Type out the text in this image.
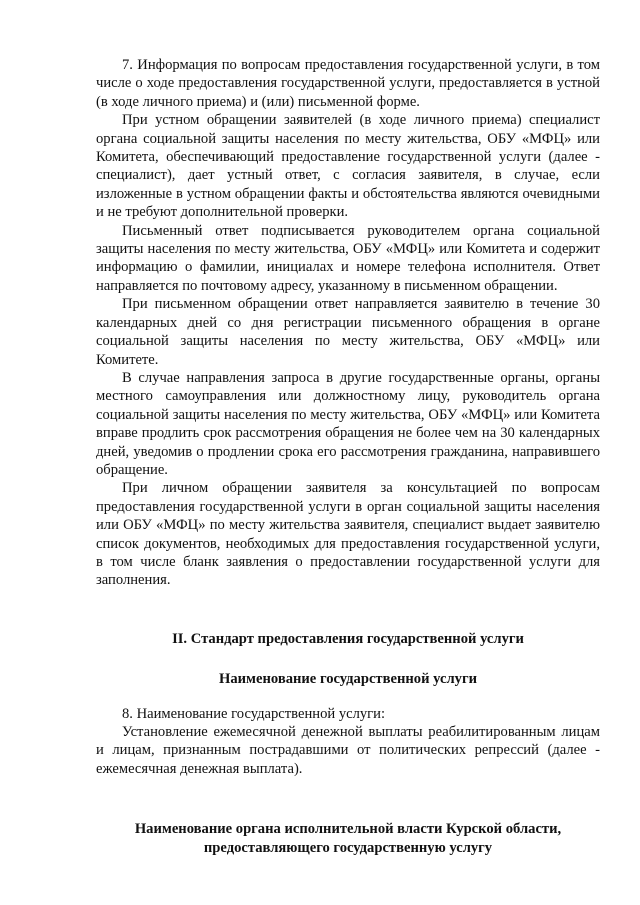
7. Информация по вопросам предоставления государственной услуги, в том числе о ходе предоставления государственной услуги, предоставляется в устной (в ходе личного приема) и (или) письменной форме.

При устном обращении заявителей (в ходе личного приема) специалист органа социальной защиты населения по месту жительства, ОБУ «МФЦ» или Комитета, обеспечивающий предоставление государственной услуги (далее - специалист), дает устный ответ, с согласия заявителя, в случае, если изложенные в устном обращении факты и обстоятельства являются очевидными и не требуют дополнительной проверки.

Письменный ответ подписывается руководителем органа социальной защиты населения по месту жительства, ОБУ «МФЦ» или Комитета и содержит информацию о фамилии, инициалах и номере телефона исполнителя. Ответ направляется по почтовому адресу, указанному в письменном обращении.

При письменном обращении ответ направляется заявителю в течение 30 календарных дней со дня регистрации письменного обращения в органе социальной защиты населения по месту жительства, ОБУ «МФЦ» или Комитете.

В случае направления запроса в другие государственные органы, органы местного самоуправления или должностному лицу, руководитель органа социальной защиты населения по месту жительства, ОБУ «МФЦ» или Комитета вправе продлить срок рассмотрения обращения не более чем на 30 календарных дней, уведомив о продлении срока его рассмотрения гражданина, направившего обращение.

При личном обращении заявителя за консультацией по вопросам предоставления государственной услуги в орган социальной защиты населения или ОБУ «МФЦ» по месту жительства заявителя, специалист выдает заявителю список документов, необходимых для предоставления государственной услуги, в том числе бланк заявления о предоставлении государственной услуги для заполнения.

II. Стандарт предоставления государственной услуги

Наименование государственной услуги

8. Наименование государственной услуги:

Установление ежемесячной денежной выплаты реабилитированным лицам и лицам, признанным пострадавшими от политических репрессий (далее - ежемесячная денежная выплата).

Наименование органа исполнительной власти Курской области,
предоставляющего государственную услугу
